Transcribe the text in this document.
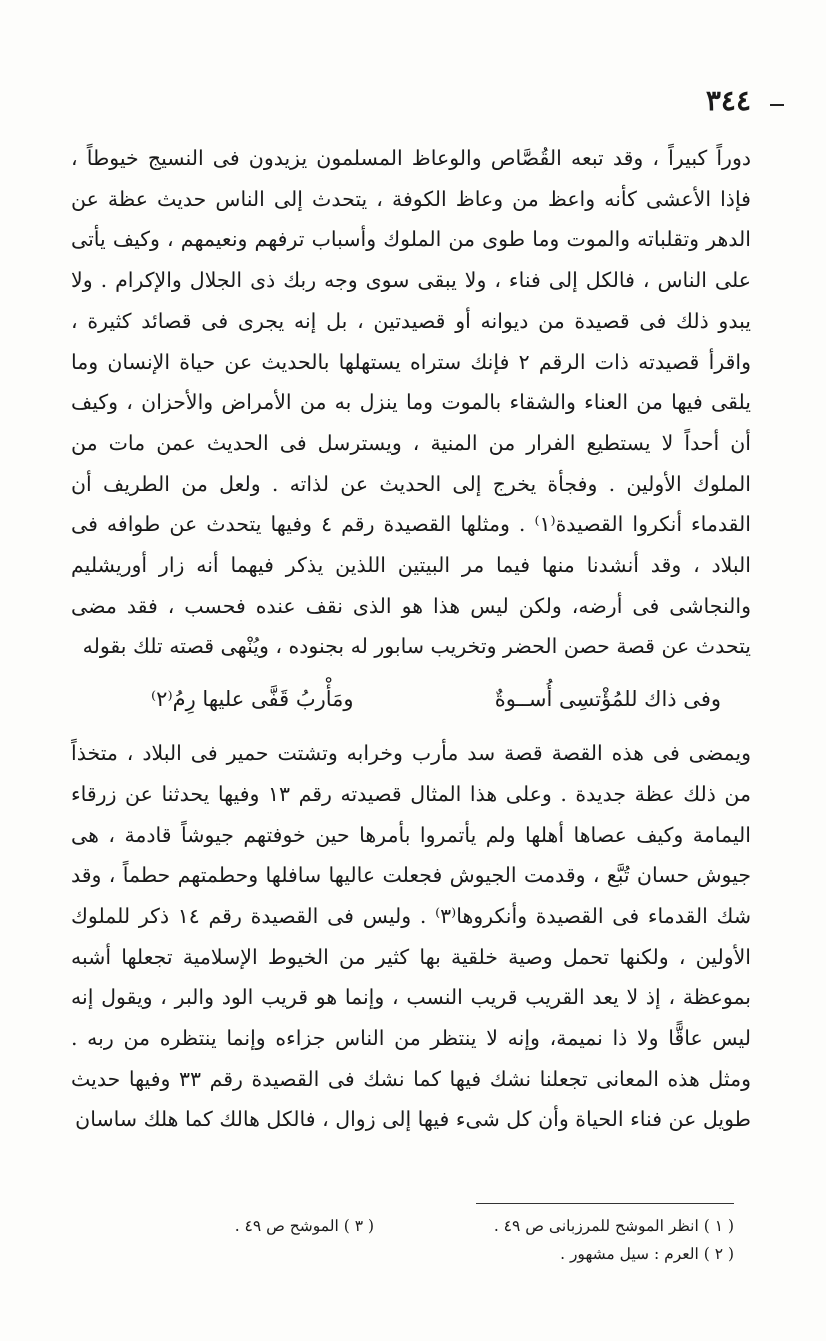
٣٤٤

دوراً كبيراً ، وقد تبعه القُصَّاص والوعاظ المسلمون يزيدون فى النسيج خيوطاً ، فإذا الأعشى كأنه واعظ من وعاظ الكوفة ، يتحدث إلى الناس حديث عظة عن الدهر وتقلباته والموت وما طوى من الملوك وأسباب ترفهم ونعيمهم ، وكيف يأتى على الناس ، فالكل إلى فناء ، ولا يبقى سوى وجه ربك ذى الجلال والإكرام . ولا يبدو ذلك فى قصيدة من ديوانه أو قصيدتين ، بل إنه يجرى فى قصائد كثيرة ، واقرأ قصيدته ذات الرقم ٢ فإنك ستراه يستهلها بالحديث عن حياة الإنسان وما يلقى فيها من العناء والشقاء بالموت وما ينزل به من الأمراض والأحزان ، وكيف أن أحداً لا يستطيع الفرار من المنية ، ويسترسل فى الحديث عمن مات من الملوك الأولين . وفجأة يخرج إلى الحديث عن لذاته . ولعل من الطريف أن القدماء أنكروا القصيدة⁽١⁾ . ومثلها القصيدة رقم ٤ وفيها يتحدث عن طوافه فى البلاد ، وقد أنشدنا منها فيما مر البيتين اللذين يذكر فيهما أنه زار أوريشليم والنجاشى فى أرضه، ولكن ليس هذا هو الذى نقف عنده فحسب ، فقد مضى يتحدث عن قصة حصن الحضر وتخريب سابور له بجنوده ، ويُنْهى قصته تلك بقوله

وفى ذاك للمُؤْتسِى أُســوةٌ
ومَأْربُ قَفَّى عليها رِمُ⁽٢⁾

ويمضى فى هذه القصة قصة سد مأرب وخرابه وتشتت حمير فى البلاد ، متخذاً من ذلك عظة جديدة . وعلى هذا المثال قصيدته رقم ١٣ وفيها يحدثنا عن زرقاء اليمامة وكيف عصاها أهلها ولم يأتمروا بأمرها حين خوفتهم جيوشاً قادمة ، هى جيوش حسان تُبَّع ، وقدمت الجيوش فجعلت عاليها سافلها وحطمتهم حطماً ، وقد شك القدماء فى القصيدة وأنكروها⁽٣⁾ . وليس فى القصيدة رقم ١٤ ذكر للملوك الأولين ، ولكنها تحمل وصية خلقية بها كثير من الخيوط الإسلامية تجعلها أشبه بموعظة ، إذ لا يعد القريب قريب النسب ، وإنما هو قريب الود والبر ، ويقول إنه ليس عاقًّا ولا ذا نميمة، وإنه لا ينتظر من الناس جزاءه وإنما ينتظره من ربه . ومثل هذه المعانى تجعلنا نشك فيها كما نشك فى القصيدة رقم ٣٣ وفيها حديث طويل عن فناء الحياة وأن كل شىء فيها إلى زوال ، فالكل هالك كما هلك ساسان

( ١ ) انظر الموشح للمرزبانى ص ٤٩ .
( ٢ ) العرم : سيل مشهور .
( ٣ ) الموشح ص ٤٩ .
